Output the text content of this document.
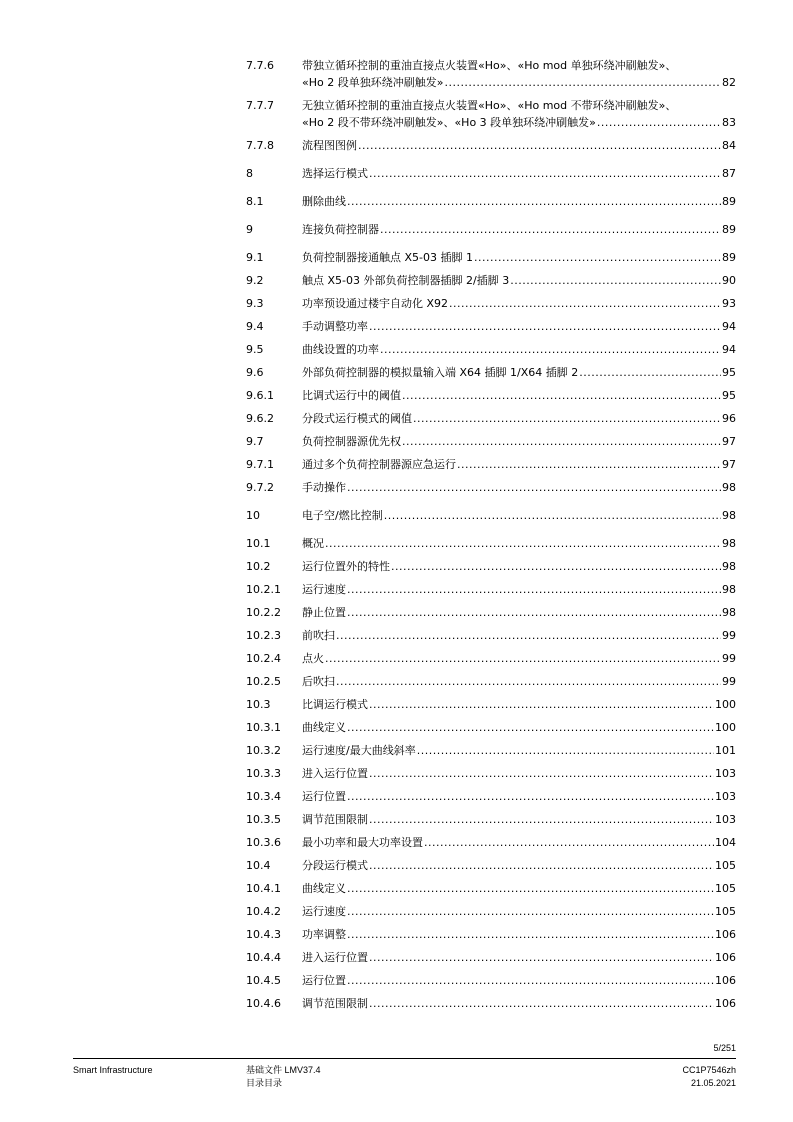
7.7.6	带独立循环控制的重油直接点火装置«Ho»、«Ho mod 单独环绕冲刷触发»、
«Ho 2 段单独环绕冲刷触发» .....	82
7.7.7	无独立循环控制的重油直接点火装置«Ho»、«Ho mod 不带环绕冲刷触发»、
«Ho 2 段不带环绕冲刷触发»、«Ho 3 段单独环绕冲刷触发» .....	83
7.7.8	流程图图例 .....	84
8	选择运行模式 .....	87
8.1	删除曲线 .....	89
9	连接负荷控制器 .....	89
9.1	负荷控制器接通触点 X5-03 插脚 1 .....	89
9.2	触点 X5-03 外部负荷控制器插脚 2/插脚 3 .....	90
9.3	功率预设通过楼宇自动化 X92 .....	93
9.4	手动调整功率 .....	94
9.5	曲线设置的功率 .....	94
9.6	外部负荷控制器的模拟量输入端 X64 插脚 1/X64 插脚 2 .....	95
9.6.1	比调式运行中的阈值 .....	95
9.6.2	分段式运行模式的阈值 .....	96
9.7	负荷控制器源优先权 .....	97
9.7.1	通过多个负荷控制器源应急运行 .....	97
9.7.2	手动操作 .....	98
10	电子空/燃比控制 .....	98
10.1	概况 .....	98
10.2	运行位置外的特性 .....	98
10.2.1	运行速度 .....	98
10.2.2	静止位置 .....	98
10.2.3	前吹扫 .....	99
10.2.4	点火 .....	99
10.2.5	后吹扫 .....	99
10.3	比调运行模式 .....	100
10.3.1	曲线定义 .....	100
10.3.2	运行速度/最大曲线斜率 .....	101
10.3.3	进入运行位置 .....	103
10.3.4	运行位置 .....	103
10.3.5	调节范围限制 .....	103
10.3.6	最小功率和最大功率设置 .....	104
10.4	分段运行模式 .....	105
10.4.1	曲线定义 .....	105
10.4.2	运行速度 .....	105
10.4.3	功率调整 .....	106
10.4.4	进入运行位置 .....	106
10.4.5	运行位置 .....	106
10.4.6	调节范围限制 .....	106
5/251
Smart Infrastructure	基础文件 LMV37.4
目录目录
CC1P7546zh
21.05.2021
